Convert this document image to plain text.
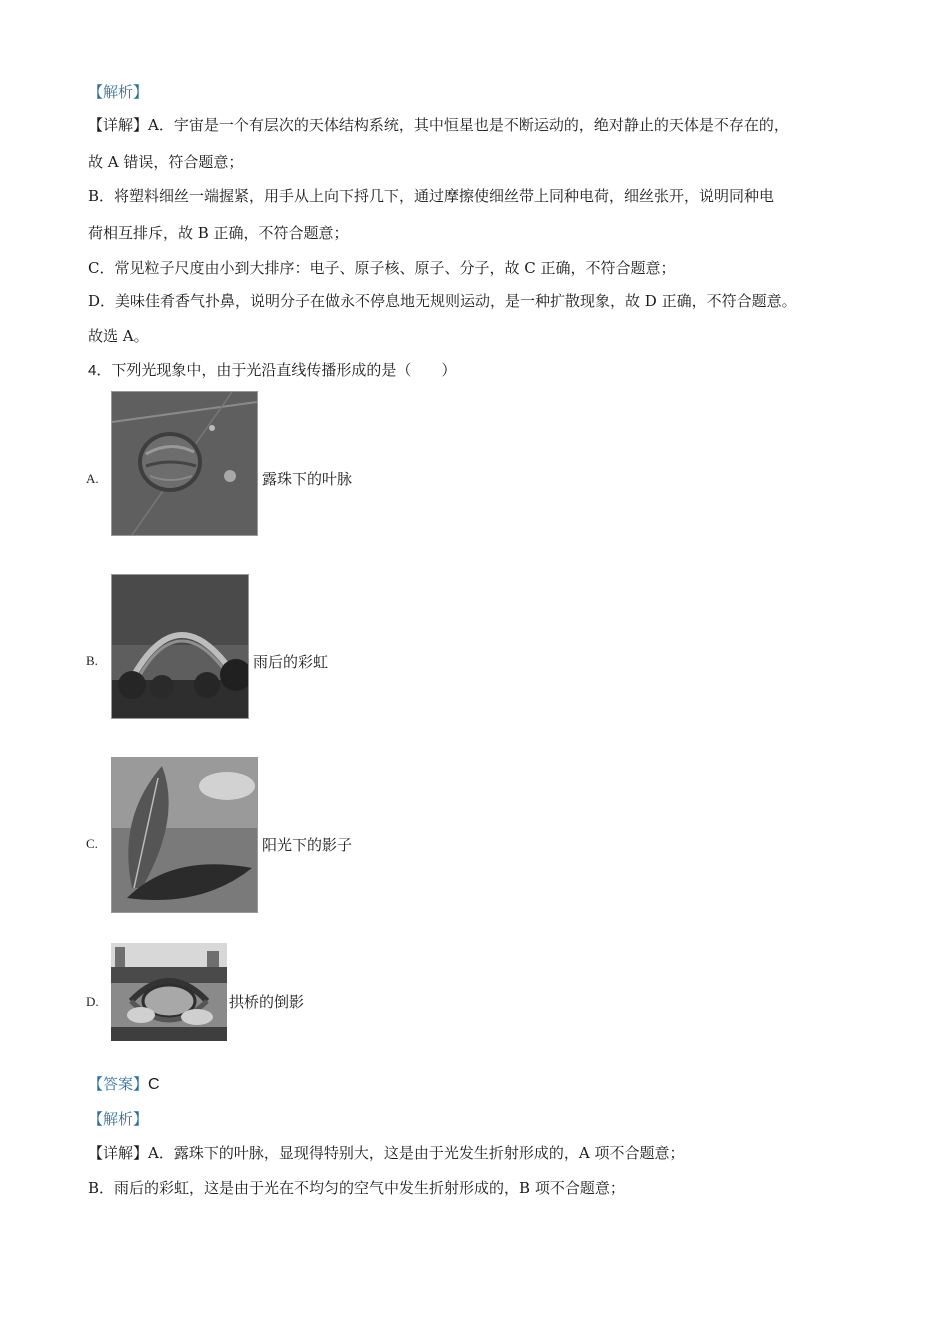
【解析】
【详解】A．宇宙是一个有层次的天体结构系统，其中恒星也是不断运动的，绝对静止的天体是不存在的，
故 A 错误，符合题意；
B．将塑料细丝一端握紧，用手从上向下捋几下，通过摩擦使细丝带上同种电荷，细丝张开，说明同种电
荷相互排斥，故 B 正确，不符合题意；
C．常见粒子尺度由小到大排序：电子、原子核、原子、分子，故 C 正确，不符合题意；
D．美味佳肴香气扑鼻，说明分子在做永不停息地无规则运动，是一种扩散现象，故 D 正确，不符合题意。
故选 A。
4．下列光现象中，由于光沿直线传播形成的是（　　）
A.	露珠下的叶脉
B.	雨后的彩虹
C.	阳光下的影子
D.	拱桥的倒影
【答案】C
【解析】
【详解】A．露珠下的叶脉，显现得特别大，这是由于光发生折射形成的，A 项不合题意；
B．雨后的彩虹，这是由于光在不均匀的空气中发生折射形成的，B 项不合题意；
